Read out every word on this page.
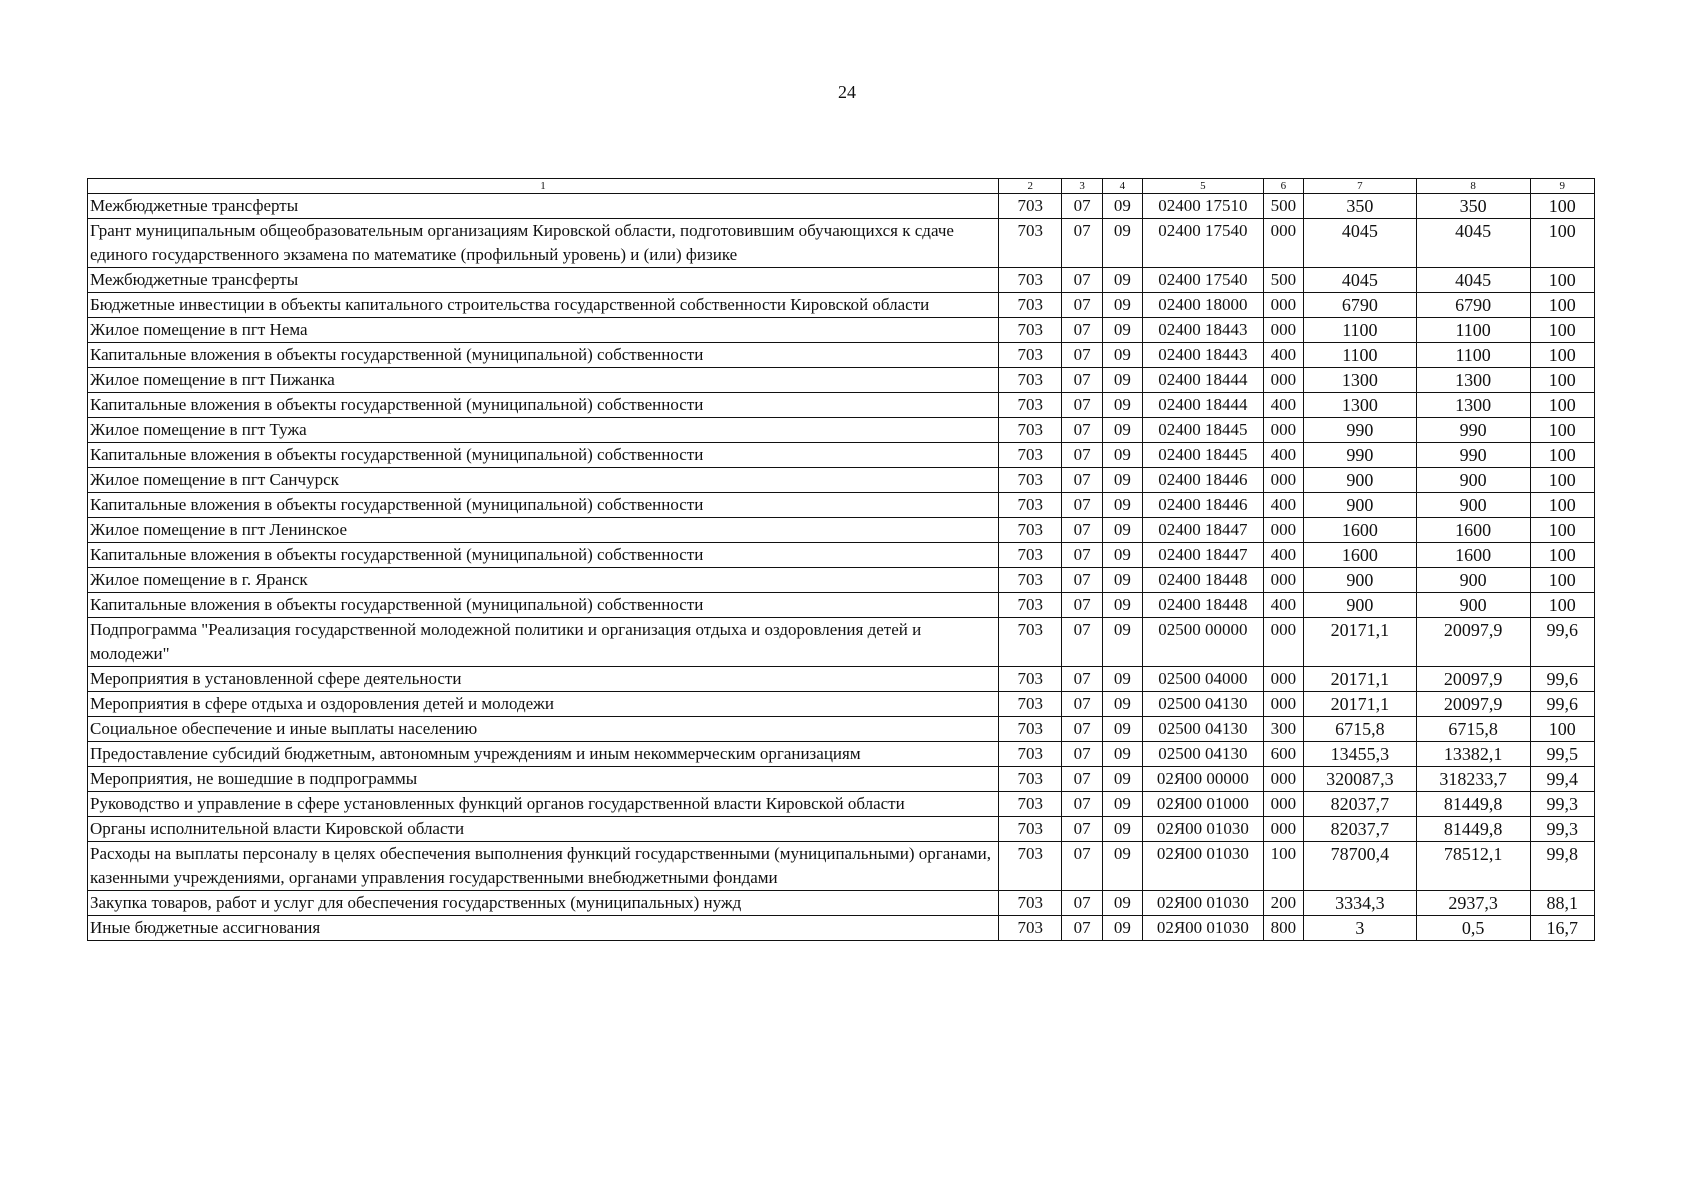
24
1	2	3	4	5	6	7	8	9
Межбюджетные трансферты	703	07	09	02400 17510	500	350	350	100
Грант муниципальным общеобразовательным организациям Кировской области, подготовившим обучающихся к сдаче единого государственного экзамена по математике (профильный уровень) и (или) физике	703	07	09	02400 17540	000	4045	4045	100
Межбюджетные трансферты	703	07	09	02400 17540	500	4045	4045	100
Бюджетные инвестиции в объекты капитального строительства государственной собственности Кировской области	703	07	09	02400 18000	000	6790	6790	100
Жилое помещение в пгт Нема	703	07	09	02400 18443	000	1100	1100	100
Капитальные вложения в объекты государственной (муниципальной) собственности	703	07	09	02400 18443	400	1100	1100	100
Жилое помещение в пгт Пижанка	703	07	09	02400 18444	000	1300	1300	100
Капитальные вложения в объекты государственной (муниципальной) собственности	703	07	09	02400 18444	400	1300	1300	100
Жилое помещение в пгт Тужа	703	07	09	02400 18445	000	990	990	100
Капитальные вложения в объекты государственной (муниципальной) собственности	703	07	09	02400 18445	400	990	990	100
Жилое помещение в пгт Санчурск	703	07	09	02400 18446	000	900	900	100
Капитальные вложения в объекты государственной (муниципальной) собственности	703	07	09	02400 18446	400	900	900	100
Жилое помещение в пгт Ленинское	703	07	09	02400 18447	000	1600	1600	100
Капитальные вложения в объекты государственной (муниципальной) собственности	703	07	09	02400 18447	400	1600	1600	100
Жилое помещение в г. Яранск	703	07	09	02400 18448	000	900	900	100
Капитальные вложения в объекты государственной (муниципальной) собственности	703	07	09	02400 18448	400	900	900	100
Подпрограмма "Реализация государственной молодежной политики и организация отдыха и оздоровления детей и молодежи"	703	07	09	02500 00000	000	20171,1	20097,9	99,6
Мероприятия в установленной сфере деятельности	703	07	09	02500 04000	000	20171,1	20097,9	99,6
Мероприятия в сфере отдыха и оздоровления детей и молодежи	703	07	09	02500 04130	000	20171,1	20097,9	99,6
Социальное обеспечение и иные выплаты населению	703	07	09	02500 04130	300	6715,8	6715,8	100
Предоставление субсидий бюджетным, автономным учреждениям и иным некоммерческим организациям	703	07	09	02500 04130	600	13455,3	13382,1	99,5
Мероприятия, не вошедшие в подпрограммы	703	07	09	02Я00 00000	000	320087,3	318233,7	99,4
Руководство и управление в сфере установленных функций органов государственной власти Кировской области	703	07	09	02Я00 01000	000	82037,7	81449,8	99,3
Органы исполнительной власти Кировской области	703	07	09	02Я00 01030	000	82037,7	81449,8	99,3
Расходы на выплаты персоналу в целях обеспечения выполнения функций государственными (муниципальными) органами, казенными учреждениями, органами управления государственными внебюджетными фондами	703	07	09	02Я00 01030	100	78700,4	78512,1	99,8
Закупка товаров, работ и услуг для обеспечения государственных (муниципальных) нужд	703	07	09	02Я00 01030	200	3334,3	2937,3	88,1
Иные бюджетные ассигнования	703	07	09	02Я00 01030	800	3	0,5	16,7
